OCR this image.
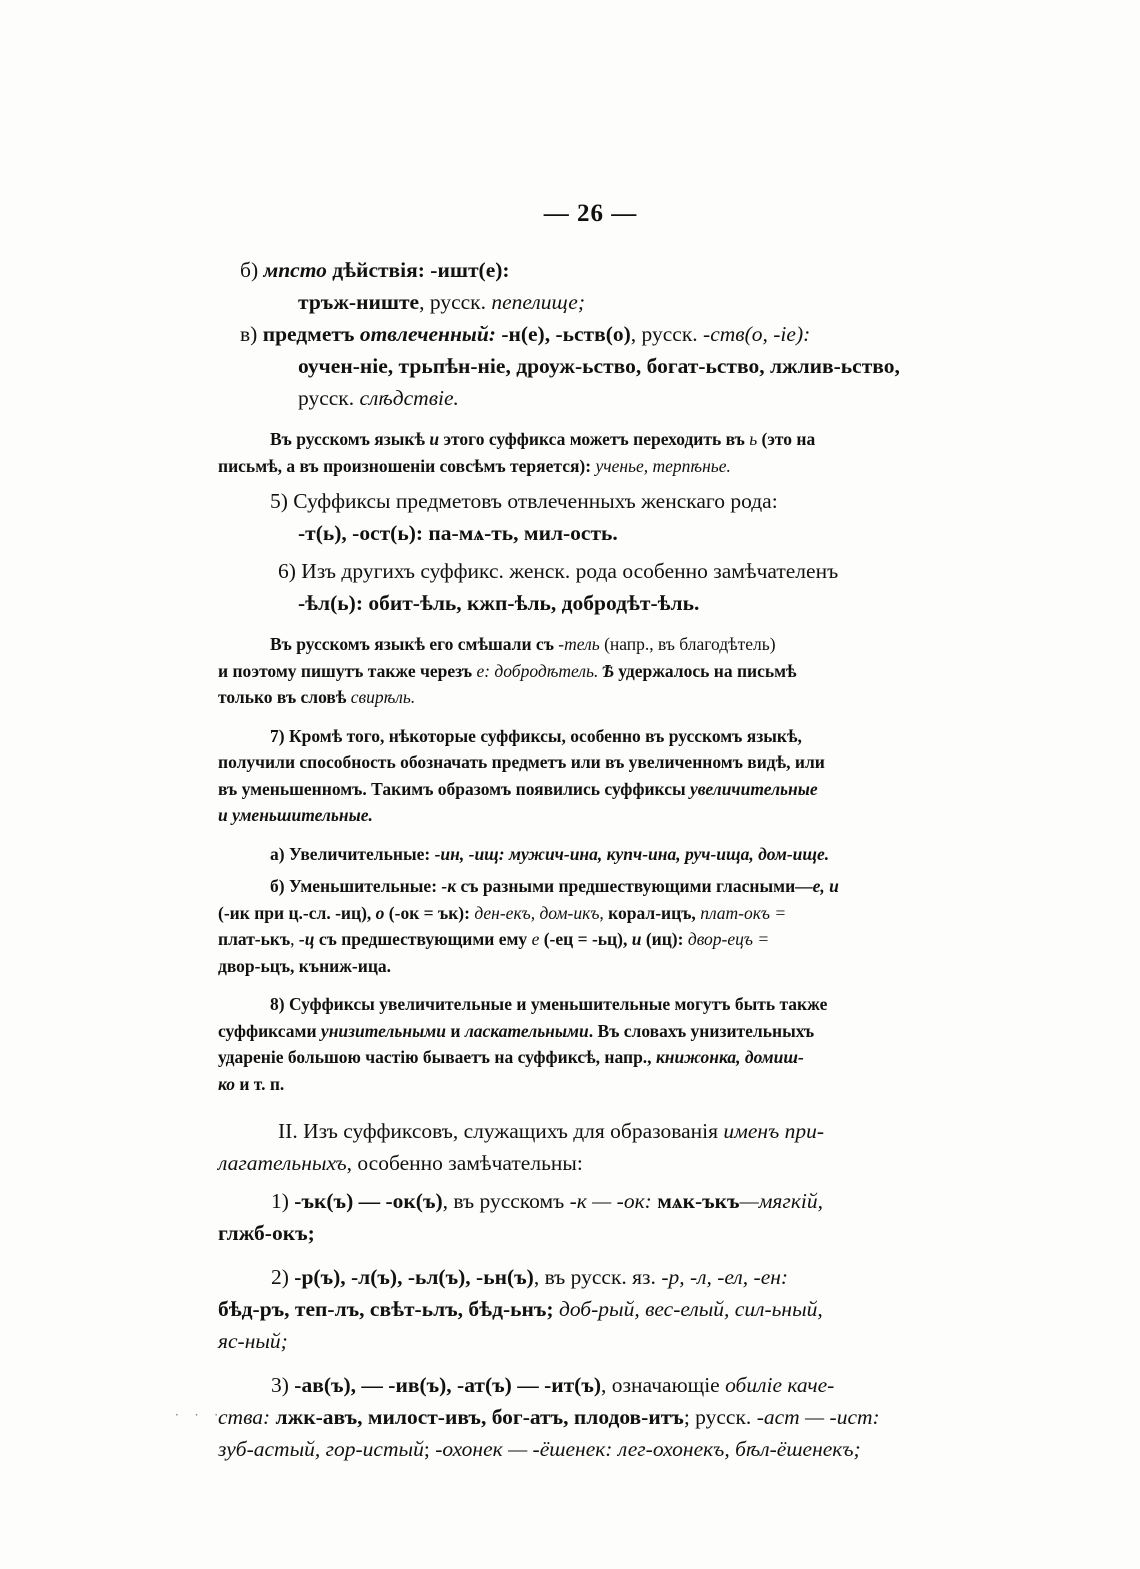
— 26 —
б) мпсто дѣйствія: -ишт(е):
тръж-ниште, русск. пепелище;
в) предметъ отвлеченный: -н(е), -ьств(о), русск. -ств(о, -іе):
оучен-ніе, трьпѣн-ніе, дроуж-ьство, богат-ьство, лжлив-ьство,
русск. слѣдствіе.
Въ русскомъ языкѣ и этого суффикса можетъ переходить въ ь (это на
письмѣ, а въ произношеніи совсѣмъ теряется): ученье, терпѣнье.
5) Суффиксы предметовъ отвлеченныхъ женскаго рода:
-т(ь), -ост(ь): па-мѧ-ть, мил-ость.
6) Изъ другихъ суффикс. женск. рода особенно замѣчателенъ
-ѣл(ь): обит-ѣль, кжп-ѣль, добродѣт-ѣль.
Въ русскомъ языкѣ его смѣшали съ -тель (напр., въ благодѣтель)
и поэтому пишутъ также черезъ е: добродѣтель. Ѣ удержалось на письмѣ
только въ словѣ свирѣль.
7) Кромѣ того, нѣкоторые суффиксы, особенно въ русскомъ языкѣ,
получили способность обозначать предметъ или въ увеличенномъ видѣ, или
въ уменьшенномъ. Такимъ образомъ появились суффиксы увеличительные
и уменьшительные.
а) Увеличительные: -ин, -ищ: мужич-ина, купч-ина, руч-ища, дом-ище.
б) Уменьшительные: -к съ разными предшествующими гласными—е, и
(-ик при ц.-сл. -иц), о (-ок = ък): ден-екъ, дом-икъ, корал-ицъ, плат-окъ =
плат-ькъ, -ц съ предшествующими ему е (-ец = -ьц), и (иц): двор-ецъ =
двор-ьцъ, къниж-ица.
8) Суффиксы увеличительные и уменьшительные могутъ быть также
суффиксами унизительными и ласкательными. Въ словахъ унизительныхъ
удареніе большою частію бываетъ на суффиксѣ, напр., книжонка, домиш-
ко и т. п.
II. Изъ суффиксовъ, служащихъ для образованія именъ при-
лагательныхъ, особенно замѣчательны:
1) -ък(ъ) — -ок(ъ), въ русскомъ -к — -ок: мѧк-ъкъ—мягкій,
глжб-окъ;
2) -р(ъ), -л(ъ), -ьл(ъ), -ьн(ъ), въ русск. яз. -р, -л, -ел, -ен:
бѣд-ръ, теп-лъ, свѣт-ьлъ, бѣд-ьнъ; доб-рый, вес-елый, сил-ьный,
яс-ный;
3) -ав(ъ), — -ив(ъ), -ат(ъ) — -ит(ъ), означающіе обиліе каче-
ства: лжк-авъ, милост-ивъ, бог-атъ, плодов-итъ; русск. -аст — -ист:
зуб-астый, гор-истый; -охонек — -ёшенек: лег-охонекъ, бѣл-ёшенекъ;
· · ·
